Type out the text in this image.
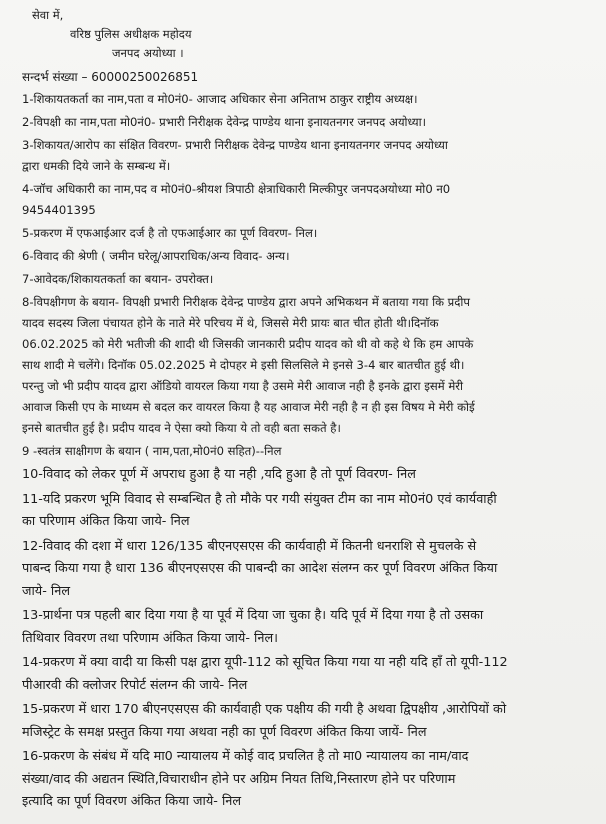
सेवा में,
वरिष्ठ पुलिस अधीक्षक महोदय
जनपद अयोध्या ।
सन्दर्भ संख्या – 60000250026851
1-शिकायतकर्ता का नाम,पता व मो0नं0- आजाद अधिकार सेना अनिताभ ठाकुर राष्ट्रीय अध्यक्ष।
2-विपक्षी का नाम,पता मो0नं0- प्रभारी निरीक्षक देवेन्द्र पाण्डेय थाना इनायतनगर जनपद अयोध्या।
3-शिकायत/आरोप का संक्षित विवरण- प्रभारी निरीक्षक देवेन्द्र पाण्डेय थाना इनायतनगर जनपद अयोध्या
द्वारा धमकी दिये जाने के सम्बन्ध में।
4-जॉच अधिकारी का नाम,पद व मो0नं0-श्रीयश त्रिपाठी क्षेत्राधिकारी मिल्कीपुर जनपदअयोध्या मो0 न0
9454401395
5-प्रकरण में एफआईआर दर्ज है तो एफआईआर का पूर्ण विवरण- निल।
6-विवाद की श्रेणी ( जमीन घरेलू/आपराधिक/अन्य विवाद- अन्य।
7-आवेदक/शिकायतकर्ता का बयान- उपरोक्त।
8-विपक्षीगण के बयान- विपक्षी प्रभारी निरीक्षक देवेन्द्र पाण्डेय द्वारा अपने अभिकथन में बताया गया कि प्रदीप
यादव सदस्य जिला पंचायत होने के नाते मेरे परिचय में थे, जिससे मेरी प्रायः बात चीत होती थी।दिनॉक
06.02.2025 को मेरी भतीजी की शादी थी जिसकी जानकारी प्रदीप यादव को थी वो कहे थे कि हम आपके
साथ शादी मे चलेंगे। दिनॉक 05.02.2025 मे दोपहर मे इसी सिलसिले मे इनसे 3-4 बार बातचीत हुई थी।
परन्तु जो भी प्रदीप यादव द्वारा ऑडियो वायरल किया गया है उसमे मेरी आवाज नही है इनके द्वारा इसमें मेरी
आवाज किसी एप के माध्यम से बदल कर वायरल किया है यह आवाज मेरी नही है न ही इस विषय मे मेरी कोई
इनसे बातचीत हुई है। प्रदीप यादव ने ऐसा क्यो किया ये तो वही बता सकते है।
9 -स्वतंत्र साक्षीगण के बयान ( नाम,पता,मो0नं0 सहित)--निल
10-विवाद को लेकर पूर्ण में अपराध हुआ है या नही ,यदि हुआ है तो पूर्ण विवरण- निल
11-यदि प्रकरण भूमि विवाद से सम्बन्धित है तो मौके पर गयी संयुक्त टीम का नाम मो0नं0 एवं कार्यवाही
का परिणाम अंकित किया जाये- निल
12-विवाद की दशा में धारा 126/135 बीएनएसएस की कार्यवाही में कितनी धनराशि से मुचलके से
पाबन्द किया गया है धारा 136 बीएनएसएस की पाबन्दी का आदेश संलग्न कर पूर्ण विवरण अंकित किया
जाये- निल
13-प्रार्थना पत्र पहली बार दिया गया है या पूर्व में दिया जा चुका है। यदि पूर्व में दिया गया है तो उसका
तिथिवार विवरण तथा परिणाम अंकित किया जाये- निल।
14-प्रकरण में क्या वादी या किसी पक्ष द्वारा यूपी-112 को सूचित किया गया या नही यदि हाँ तो यूपी-112
पीआरवी की क्लोजर रिपोर्ट संलग्न की जाये- निल
15-प्रकरण में धारा 170 बीएनएसएस की कार्यवाही एक पक्षीय की गयी है अथवा द्विपक्षीय ,आरोपियों को
मजिस्ट्रेट के समक्ष प्रस्तुत किया गया अथवा नही का पूर्ण विवरण अंकित किया जायें- निल
16-प्रकरण के संबंध में यदि मा0 न्यायालय में कोई वाद प्रचलित है तो मा0 न्यायालय का नाम/वाद
संख्या/वाद की अद्यतन स्थिति,विचाराधीन होने पर अग्रिम नियत तिथि,निस्तारण होने पर परिणाम
इत्यादि का पूर्ण विवरण अंकित किया जाये- निल
